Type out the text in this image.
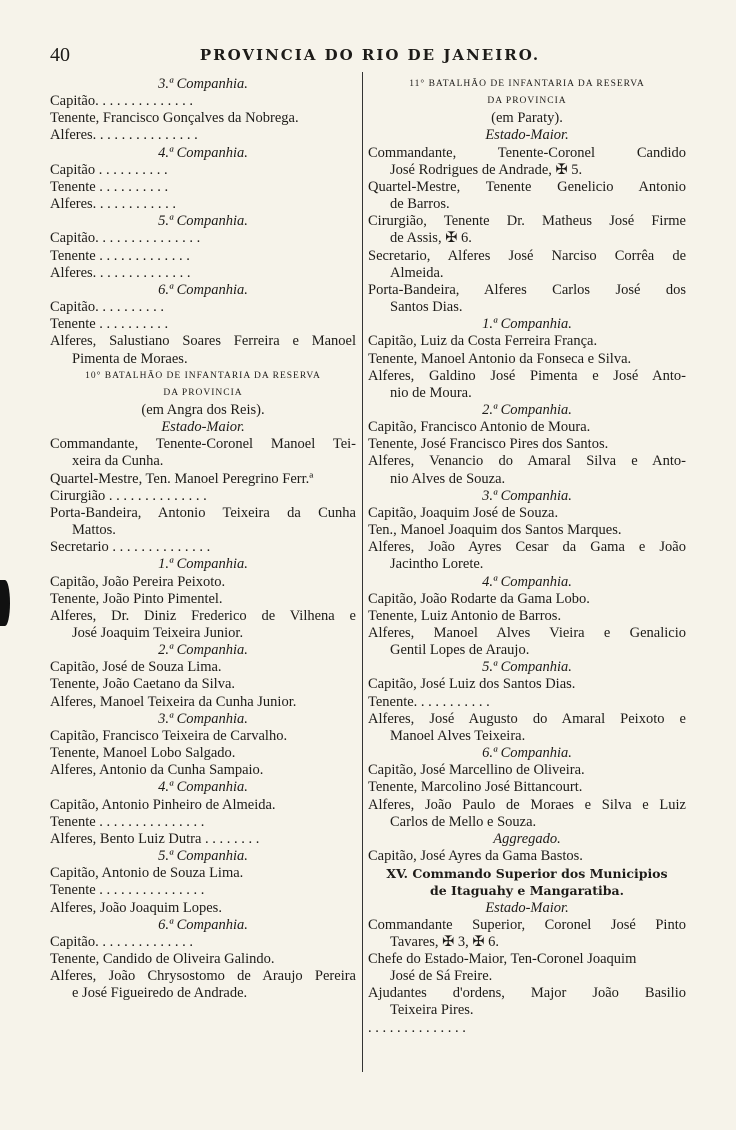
40	PROVINCIA DO RIO DE JANEIRO.
3.ª Companhia.
Capitão. . . . . . . . . . . . . .
Tenente, Francisco Gonçalves da Nobrega.
Alferes. . . . . . . . . . . . . . .
4.ª Companhia.
Capitão . . . . . . . . . .
Tenente . . . . . . . . . .
Alferes. . . . . . . . . . . .
5.ª Companhia.
Capitão. . . . . . . . . . . . . . .
Tenente . . . . . . . . . . . . .
Alferes. . . . . . . . . . . . . .
6.ª Companhia.
Capitão. . . . . . . . . .
Tenente . . . . . . . . . .
Alferes, Salustiano Soares Ferreira e Manoel
Pimenta de Moraes.
10° BATALHÃO DE INFANTARIA DA RESERVA
DA PROVINCIA
(em Angra dos Reis).
Estado-Maior.
Commandante, Tenente-Coronel Manoel Tei-
xeira da Cunha.
Quartel-Mestre, Ten. Manoel Peregrino Ferr.ª
Cirurgião . . . . . . . . . . . . . .
Porta-Bandeira, Antonio Teixeira da Cunha
Mattos.
Secretario . . . . . . . . . . . . . .
1.ª Companhia.
Capitão, João Pereira Peixoto.
Tenente, João Pinto Pimentel.
Alferes, Dr. Diniz Frederico de Vilhena e
José Joaquim Teixeira Junior.
2.ª Companhia.
Capitão, José de Souza Lima.
Tenente, João Caetano da Silva.
Alferes, Manoel Teixeira da Cunha Junior.
3.ª Companhia.
Capitão, Francisco Teixeira de Carvalho.
Tenente, Manoel Lobo Salgado.
Alferes, Antonio da Cunha Sampaio.
4.ª Companhia.
Capitão, Antonio Pinheiro de Almeida.
Tenente . . . . . . . . . . . . . . .
Alferes, Bento Luiz Dutra . . . . . . . .
5.ª Companhia.
Capitão, Antonio de Souza Lima.
Tenente . . . . . . . . . . . . . . .
Alferes, João Joaquim Lopes.
6.ª Companhia.
Capitão. . . . . . . . . . . . . .
Tenente, Candido de Oliveira Galindo.
Alferes, João Chrysostomo de Araujo Pereira
e José Figueiredo de Andrade.
11° BATALHÃO DE INFANTARIA DA RESERVA
DA PROVINCIA
(em Paraty).
Estado-Maior.
Commandante, Tenente-Coronel Candido
José Rodrigues de Andrade, ✠ 5.
Quartel-Mestre, Tenente Genelicio Antonio
de Barros.
Cirurgião, Tenente Dr. Matheus José Firme
de Assis, ✠ 6.
Secretario, Alferes José Narciso Corrêa de
Almeida.
Porta-Bandeira, Alferes Carlos José dos
Santos Dias.
1.ª Companhia.
Capitão, Luiz da Costa Ferreira França.
Tenente, Manoel Antonio da Fonseca e Silva.
Alferes, Galdino José Pimenta e José Anto-
nio de Moura.
2.ª Companhia.
Capitão, Francisco Antonio de Moura.
Tenente, José Francisco Pires dos Santos.
Alferes, Venancio do Amaral Silva e Anto-
nio Alves de Souza.
3.ª Companhia.
Capitão, Joaquim José de Souza.
Ten., Manoel Joaquim dos Santos Marques.
Alferes, João Ayres Cesar da Gama e João
Jacintho Lorete.
4.ª Companhia.
Capitão, João Rodarte da Gama Lobo.
Tenente, Luiz Antonio de Barros.
Alferes, Manoel Alves Vieira e Genalicio
Gentil Lopes de Araujo.
5.ª Companhia.
Capitão, José Luiz dos Santos Dias.
Tenente. . . . . . . . . . .
Alferes, José Augusto do Amaral Peixoto e
Manoel Alves Teixeira.
6.ª Companhia.
Capitão, José Marcellino de Oliveira.
Tenente, Marcolino José Bittancourt.
Alferes, João Paulo de Moraes e Silva e Luiz
Carlos de Mello e Souza.
Aggregado.
Capitão, José Ayres da Gama Bastos.
XV. Commando Superior dos Municipios
de Itaguahy e Mangaratiba.
Estado-Maior.
Commandante Superior, Coronel José Pinto
Tavares, ✠ 3, ✠ 6.
Chefe do Estado-Maior, Ten-Coronel Joaquim
José de Sá Freire.
Ajudantes d'ordens, Major João Basilio
Teixeira Pires.
. . . . . . . . . . . . . .
